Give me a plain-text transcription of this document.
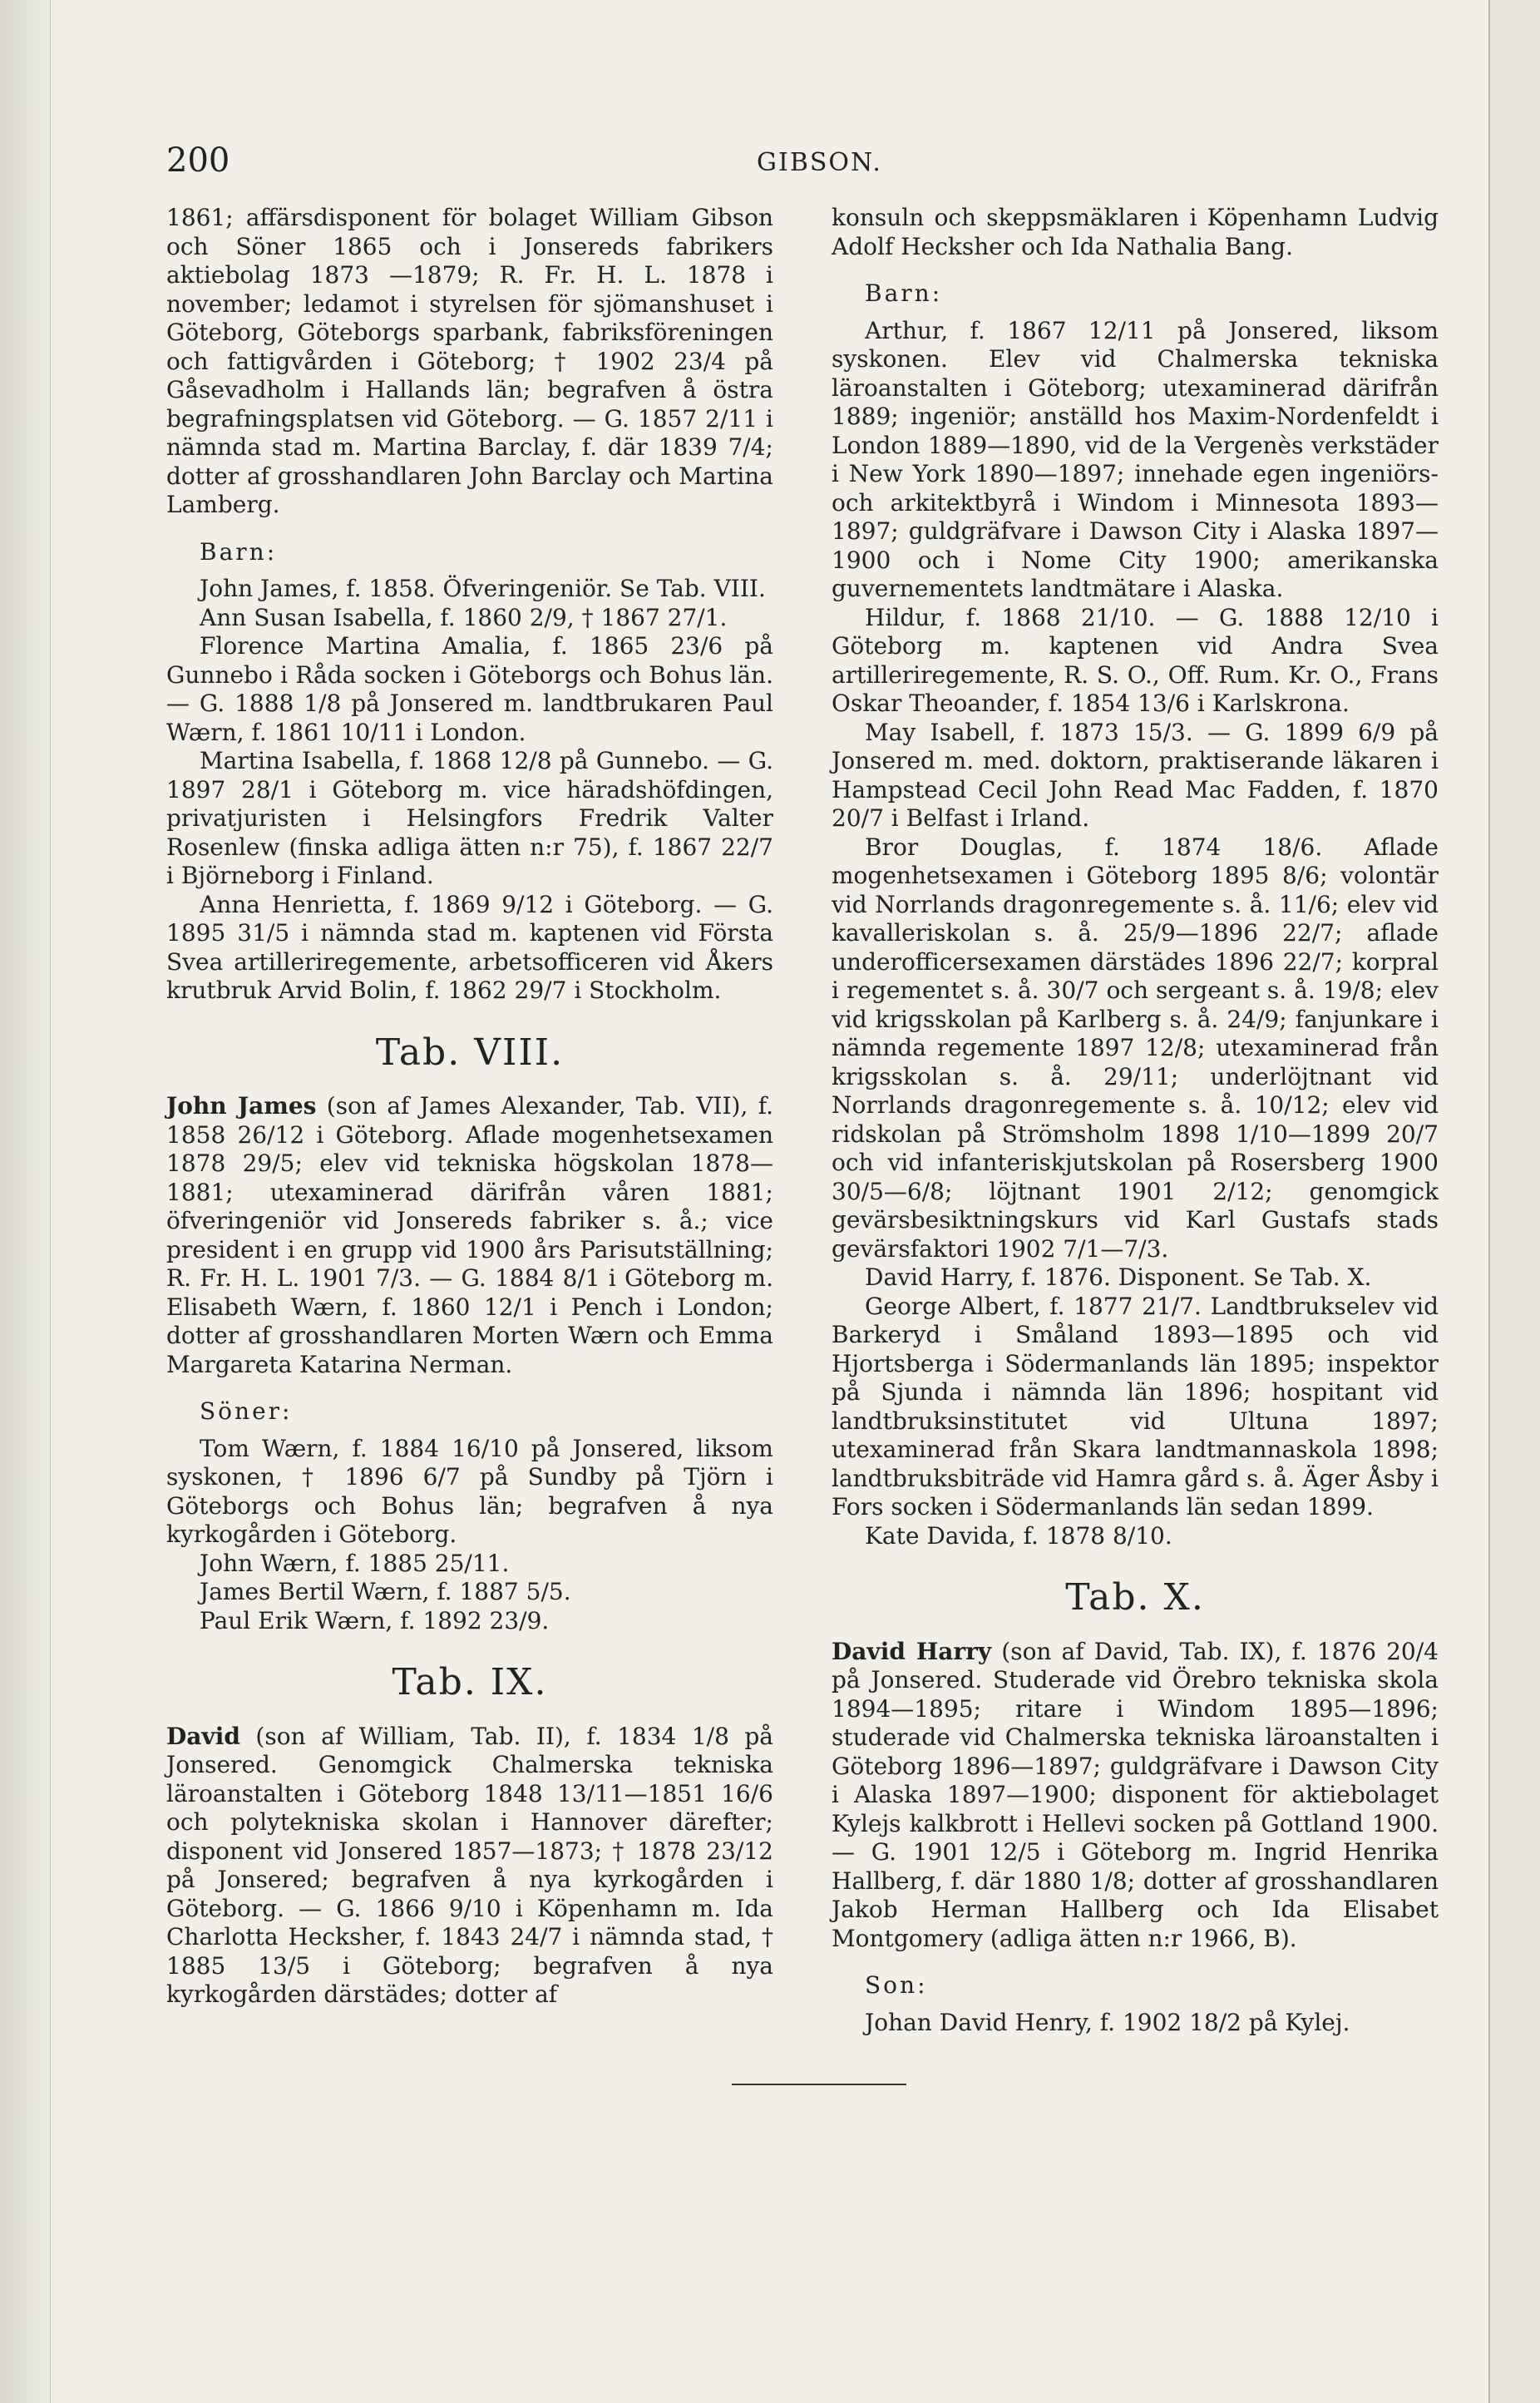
200	GIBSON.

1861; affärsdisponent för bolaget William Gibson och Söner 1865 och i Jonsereds fabrikers aktiebolag 1873 —1879; R. Fr. H. L. 1878 i november; ledamot i styrelsen för sjömanshuset i Göteborg, Göteborgs sparbank, fabriksföreningen och fattigvården i Göteborg; † 1902 23/4 på Gåsevadholm i Hallands län; begrafven å östra begrafningsplatsen vid Göteborg. — G. 1857 2/11 i nämnda stad m. Martina Barclay, f. där 1839 7/4; dotter af grosshandlaren John Barclay och Martina Lamberg.

Barn:

John James, f. 1858. Öfveringeniör. Se Tab. VIII.

Ann Susan Isabella, f. 1860 2/9, † 1867 27/1.

Florence Martina Amalia, f. 1865 23/6 på Gunnebo i Råda socken i Göteborgs och Bohus län. — G. 1888 1/8 på Jonsered m. landtbrukaren Paul Wærn, f. 1861 10/11 i London.

Martina Isabella, f. 1868 12/8 på Gunnebo. — G. 1897 28/1 i Göteborg m. vice häradshöfdingen, privatjuristen i Helsingfors Fredrik Valter Rosenlew (finska adliga ätten n:r 75), f. 1867 22/7 i Björneborg i Finland.

Anna Henrietta, f. 1869 9/12 i Göteborg. — G. 1895 31/5 i nämnda stad m. kaptenen vid Första Svea artilleriregemente, arbetsofficeren vid Åkers krutbruk Arvid Bolin, f. 1862 29/7 i Stockholm.

Tab. VIII.

John James (son af James Alexander, Tab. VII), f. 1858 26/12 i Göteborg. Aflade mogenhetsexamen 1878 29/5; elev vid tekniska högskolan 1878—1881; utexaminerad därifrån våren 1881; öfveringeniör vid Jonsereds fabriker s. å.; vice president i en grupp vid 1900 års Parisutställning; R. Fr. H. L. 1901 7/3. — G. 1884 8/1 i Göteborg m. Elisabeth Wærn, f. 1860 12/1 i Pench i London; dotter af grosshandlaren Morten Wærn och Emma Margareta Katarina Nerman.

Söner:

Tom Wærn, f. 1884 16/10 på Jonsered, liksom syskonen, † 1896 6/7 på Sundby på Tjörn i Göteborgs och Bohus län; begrafven å nya kyrkogården i Göteborg.

John Wærn, f. 1885 25/11.

James Bertil Wærn, f. 1887 5/5.

Paul Erik Wærn, f. 1892 23/9.

Tab. IX.

David (son af William, Tab. II), f. 1834 1/8 på Jonsered. Genomgick Chalmerska tekniska läroanstalten i Göteborg 1848 13/11—1851 16/6 och polytekniska skolan i Hannover därefter; disponent vid Jonsered 1857—1873; † 1878 23/12 på Jonsered; begrafven å nya kyrkogården i Göteborg. — G. 1866 9/10 i Köpenhamn m. Ida Charlotta Hecksher, f. 1843 24/7 i nämnda stad, † 1885 13/5 i Göteborg; begrafven å nya kyrkogården därstädes; dotter af

konsuln och skeppsmäklaren i Köpenhamn Ludvig Adolf Hecksher och Ida Nathalia Bang.

Barn:

Arthur, f. 1867 12/11 på Jonsered, liksom syskonen. Elev vid Chalmerska tekniska läroanstalten i Göteborg; utexaminerad därifrån 1889; ingeniör; anställd hos Maxim-Nordenfeldt i London 1889—1890, vid de la Vergenès verkstäder i New York 1890—1897; innehade egen ingeniörs- och arkitektbyrå i Windom i Minnesota 1893—1897; guldgräfvare i Dawson City i Alaska 1897—1900 och i Nome City 1900; amerikanska guvernementets landtmätare i Alaska.

Hildur, f. 1868 21/10. — G. 1888 12/10 i Göteborg m. kaptenen vid Andra Svea artilleriregemente, R. S. O., Off. Rum. Kr. O., Frans Oskar Theoander, f. 1854 13/6 i Karlskrona.

May Isabell, f. 1873 15/3. — G. 1899 6/9 på Jonsered m. med. doktorn, praktiserande läkaren i Hampstead Cecil John Read Mac Fadden, f. 1870 20/7 i Belfast i Irland.

Bror Douglas, f. 1874 18/6. Aflade mogenhetsexamen i Göteborg 1895 8/6; volontär vid Norrlands dragonregemente s. å. 11/6; elev vid kavalleriskolan s. å. 25/9—1896 22/7; aflade underofficersexamen därstädes 1896 22/7; korpral i regementet s. å. 30/7 och sergeant s. å. 19/8; elev vid krigsskolan på Karlberg s. å. 24/9; fanjunkare i nämnda regemente 1897 12/8; utexaminerad från krigsskolan s. å. 29/11; underlöjtnant vid Norrlands dragonregemente s. å. 10/12; elev vid ridskolan på Strömsholm 1898 1/10—1899 20/7 och vid infanteriskjutskolan på Rosersberg 1900 30/5—6/8; löjtnant 1901 2/12; genomgick gevärsbesiktningskurs vid Karl Gustafs stads gevärsfaktori 1902 7/1—7/3.

David Harry, f. 1876. Disponent. Se Tab. X.

George Albert, f. 1877 21/7. Landtbrukselev vid Barkeryd i Småland 1893—1895 och vid Hjortsberga i Södermanlands län 1895; inspektor på Sjunda i nämnda län 1896; hospitant vid landtbruksinstitutet vid Ultuna 1897; utexaminerad från Skara landtmannaskola 1898; landtbruksbiträde vid Hamra gård s. å. Äger Åsby i Fors socken i Södermanlands län sedan 1899.

Kate Davida, f. 1878 8/10.

Tab. X.

David Harry (son af David, Tab. IX), f. 1876 20/4 på Jonsered. Studerade vid Örebro tekniska skola 1894—1895; ritare i Windom 1895—1896; studerade vid Chalmerska tekniska läroanstalten i Göteborg 1896—1897; guldgräfvare i Dawson City i Alaska 1897—1900; disponent för aktiebolaget Kylejs kalkbrott i Hellevi socken på Gottland 1900. — G. 1901 12/5 i Göteborg m. Ingrid Henrika Hallberg, f. där 1880 1/8; dotter af grosshandlaren Jakob Herman Hallberg och Ida Elisabet Montgomery (adliga ätten n:r 1966, B).

Son:

Johan David Henry, f. 1902 18/2 på Kylej.
